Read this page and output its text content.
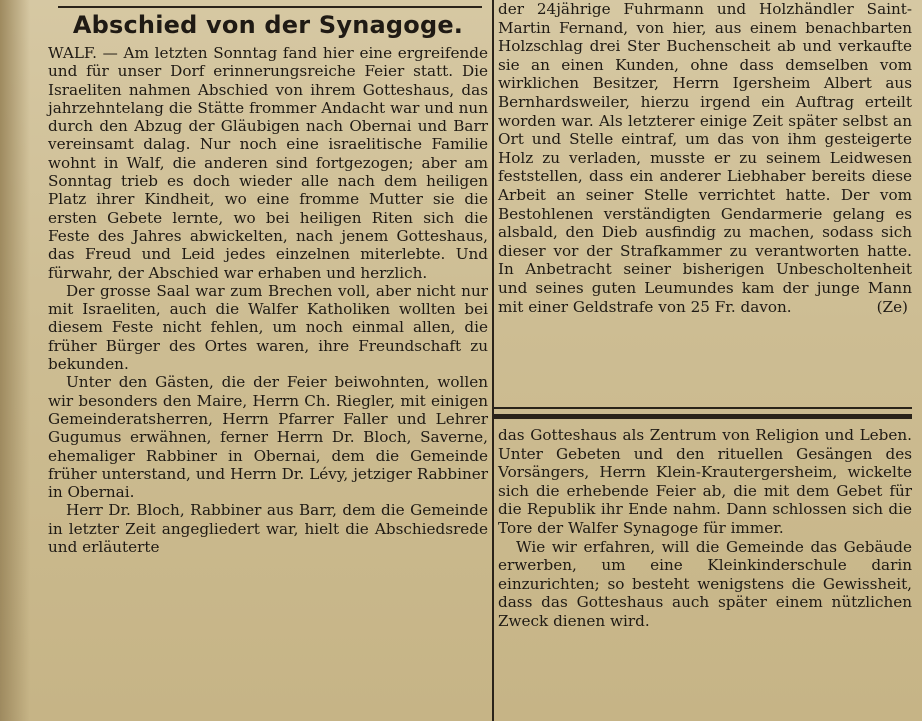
Abschied von der Synagoge.

WALF. — Am letzten Sonntag fand hier eine ergreifende und für unser Dorf erinnerungsreiche Feier statt. Die Israeliten nahmen Abschied von ihrem Gotteshaus, das jahrzehntelang die Stätte frommer Andacht war und nun durch den Abzug der Gläubigen nach Obernai und Barr vereinsamt dalag. Nur noch eine israelitische Familie wohnt in Walf, die anderen sind fortgezogen; aber am Sonntag trieb es doch wieder alle nach dem heiligen Platz ihrer Kindheit, wo eine fromme Mutter sie die ersten Gebete lernte, wo bei heiligen Riten sich die Feste des Jahres abwickelten, nach jenem Gotteshaus, das Freud und Leid jedes einzelnen miterlebte. Und fürwahr, der Abschied war erhaben und herzlich.

Der grosse Saal war zum Brechen voll, aber nicht nur mit Israeliten, auch die Walfer Katholiken wollten bei diesem Feste nicht fehlen, um noch einmal allen, die früher Bürger des Ortes waren, ihre Freundschaft zu bekunden.

Unter den Gästen, die der Feier beiwohnten, wollen wir besonders den Maire, Herrn Ch. Riegler, mit einigen Gemeinderatsherren, Herrn Pfarrer Faller und Lehrer Gugumus erwähnen, ferner Herrn Dr. Bloch, Saverne, ehemaliger Rabbiner in Obernai, dem die Gemeinde früher unterstand, und Herrn Dr. Lévy, jetziger Rabbiner in Obernai.

Herr Dr. Bloch, Rabbiner aus Barr, dem die Gemeinde in letzter Zeit angegliedert war, hielt die Abschiedsrede und erläuterte

der 24jährige Fuhrmann und Holzhändler Saint-Martin Fernand, von hier, aus einem benachbarten Holzschlag drei Ster Buchenscheit ab und verkaufte sie an einen Kunden, ohne dass demselben vom wirklichen Besitzer, Herrn Igersheim Albert aus Bernhardsweiler, hierzu irgend ein Auftrag erteilt worden war. Als letzterer einige Zeit später selbst an Ort und Stelle eintraf, um das von ihm gesteigerte Holz zu verladen, musste er zu seinem Leidwesen feststellen, dass ein anderer Liebhaber bereits diese Arbeit an seiner Stelle verrichtet hatte. Der vom Bestohlenen verständigten Gendarmerie gelang es alsbald, den Dieb ausfindig zu machen, sodass sich dieser vor der Strafkammer zu verantworten hatte. In Anbetracht seiner bisherigen Unbescholtenheit und seines guten Leumundes kam der junge Mann mit einer Geldstrafe von 25 Fr. davon.	(Ze)

das Gotteshaus als Zentrum von Religion und Leben. Unter Gebeten und den rituellen Gesängen des Vorsängers, Herrn Klein-Krautergersheim, wickelte sich die erhebende Feier ab, die mit dem Gebet für die Republik ihr Ende nahm. Dann schlossen sich die Tore der Walfer Synagoge für immer.

Wie wir erfahren, will die Gemeinde das Gebäude erwerben, um eine Kleinkinderschule darin einzurichten; so besteht wenigstens die Gewissheit, dass das Gotteshaus auch später einem nützlichen Zweck dienen wird.
